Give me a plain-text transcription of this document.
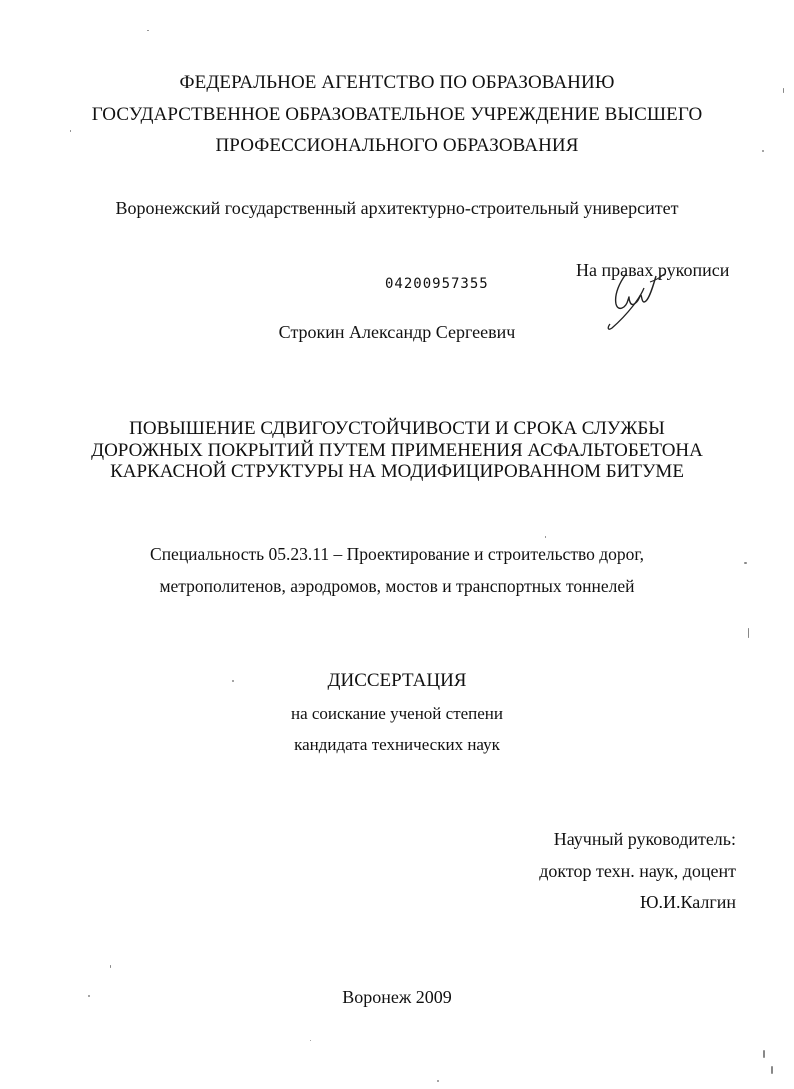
ФЕДЕРАЛЬНОЕ АГЕНТСТВО ПО ОБРАЗОВАНИЮ
ГОСУДАРСТВЕННОЕ ОБРАЗОВАТЕЛЬНОЕ УЧРЕЖДЕНИЕ ВЫСШЕГО
ПРОФЕССИОНАЛЬНОГО ОБРАЗОВАНИЯ
Воронежский государственный архитектурно-строительный университет
На правах рукописи
04200957355
Строкин Александр Сергеевич
ПОВЫШЕНИЕ СДВИГОУСТОЙЧИВОСТИ И СРОКА СЛУЖБЫ
ДОРОЖНЫХ ПОКРЫТИЙ ПУТЕМ ПРИМЕНЕНИЯ АСФАЛЬТОБЕТОНА
КАРКАСНОЙ СТРУКТУРЫ НА МОДИФИЦИРОВАННОМ БИТУМЕ
Специальность 05.23.11 – Проектирование и строительство дорог,
метрополитенов, аэродромов, мостов и транспортных тоннелей
ДИССЕРТАЦИЯ
на соискание ученой степени
кандидата технических наук
Научный руководитель:
доктор техн. наук, доцент
Ю.И.Калгин
Воронеж 2009
